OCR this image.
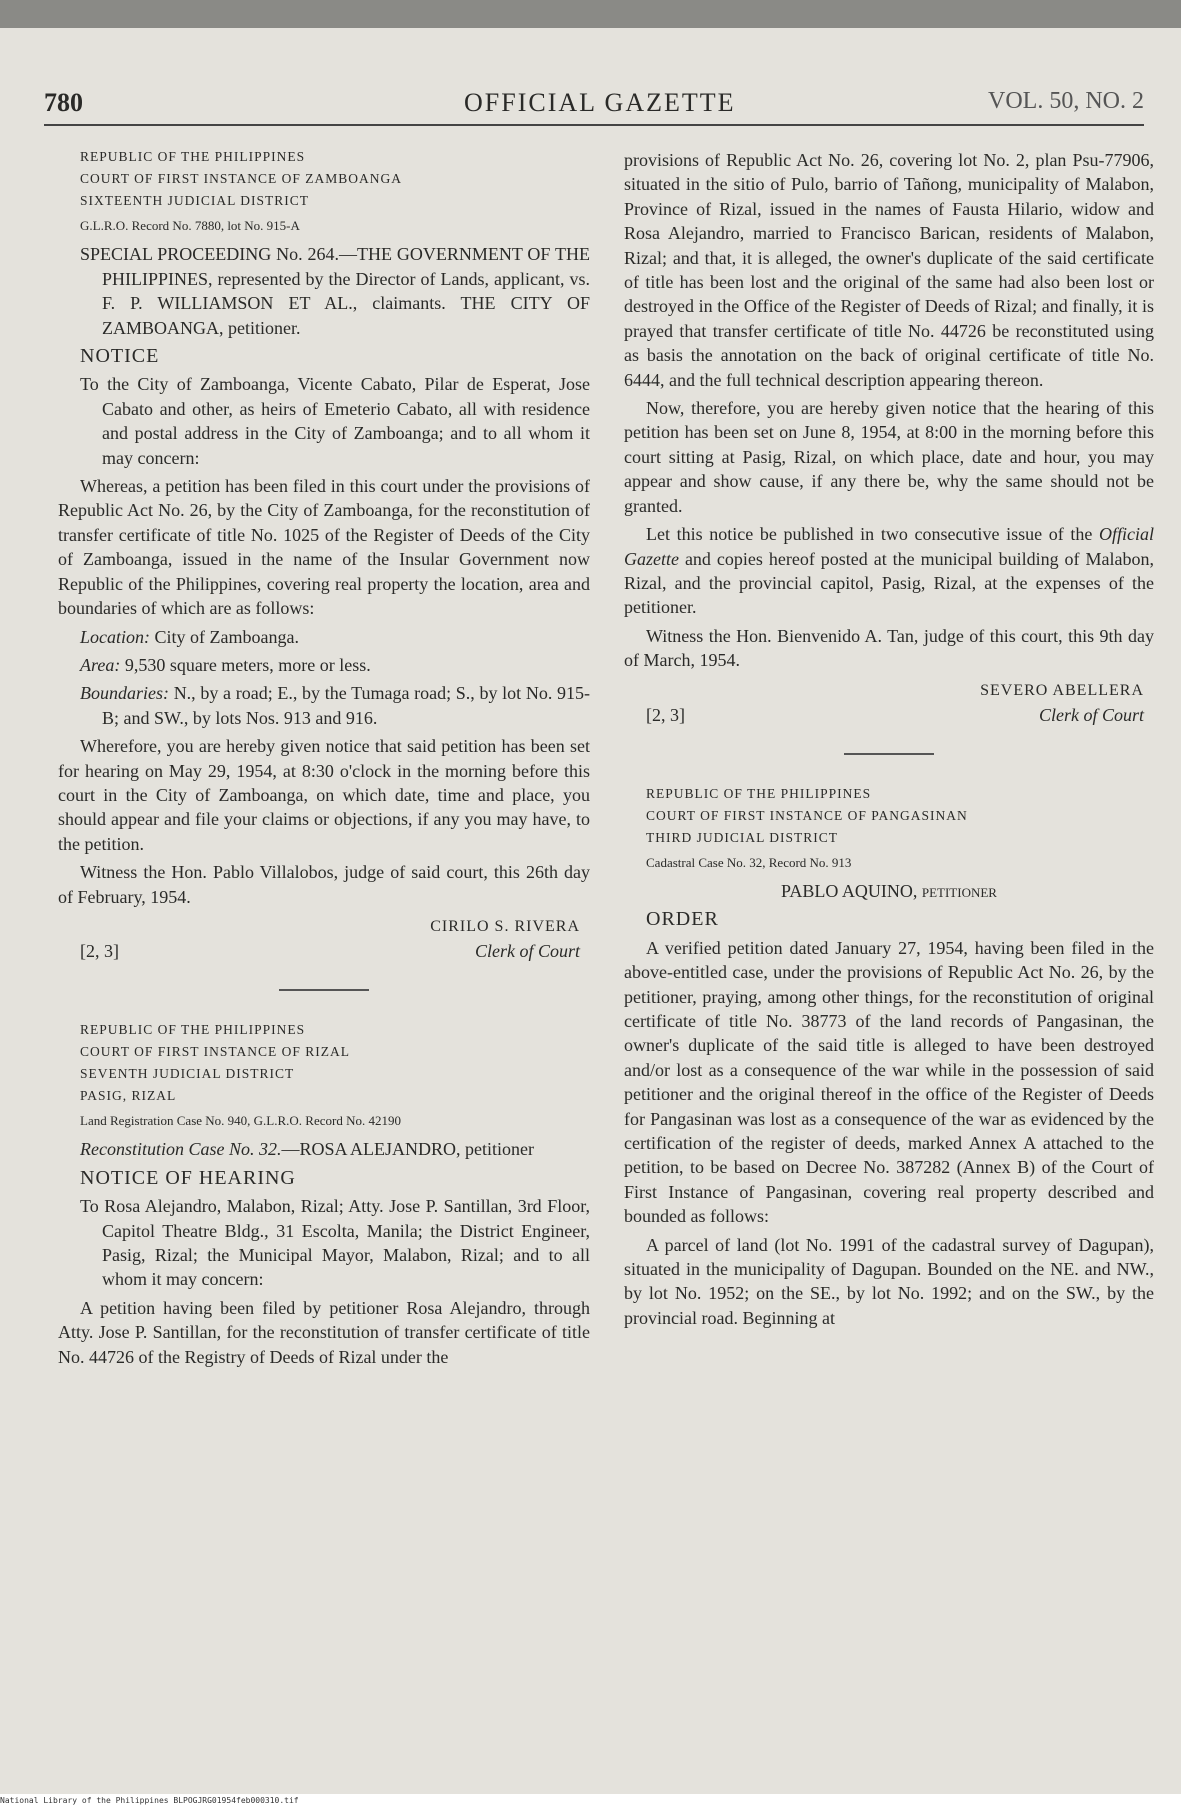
780	OFFICIAL GAZETTE	VOL. 50, NO. 2

REPUBLIC OF THE PHILIPPINES

COURT OF FIRST INSTANCE OF ZAMBOANGA

SIXTEENTH JUDICIAL DISTRICT

G.L.R.O. Record No. 7880, lot No. 915-A

SPECIAL PROCEEDING No. 264.—THE GOVERNMENT OF THE PHILIPPINES, represented by the Director of Lands, applicant, vs. F. P. WILLIAMSON ET AL., claimants. THE CITY OF ZAMBOANGA, petitioner.

NOTICE

To the City of Zamboanga, Vicente Cabato, Pilar de Esperat, Jose Cabato and other, as heirs of Emeterio Cabato, all with residence and postal address in the City of Zamboanga; and to all whom it may concern:

Whereas, a petition has been filed in this court under the provisions of Republic Act No. 26, by the City of Zamboanga, for the reconstitution of transfer certificate of title No. 1025 of the Register of Deeds of the City of Zamboanga, issued in the name of the Insular Government now Republic of the Philippines, covering real property the location, area and boundaries of which are as follows:

Location: City of Zamboanga.

Area: 9,530 square meters, more or less.

Boundaries: N., by a road; E., by the Tumaga road; S., by lot No. 915-B; and SW., by lots Nos. 913 and 916.

Wherefore, you are hereby given notice that said petition has been set for hearing on May 29, 1954, at 8:30 o'clock in the morning before this court in the City of Zamboanga, on which date, time and place, you should appear and file your claims or objections, if any you may have, to the petition.

Witness the Hon. Pablo Villalobos, judge of said court, this 26th day of February, 1954.

CIRILO S. RIVERA
Clerk of Court
[2, 3]

REPUBLIC OF THE PHILIPPINES

COURT OF FIRST INSTANCE OF RIZAL

SEVENTH JUDICIAL DISTRICT

PASIG, RIZAL

Land Registration Case No. 940, G.L.R.O. Record No. 42190

Reconstitution Case No. 32.—ROSA ALEJANDRO, petitioner

NOTICE OF HEARING

To Rosa Alejandro, Malabon, Rizal; Atty. Jose P. Santillan, 3rd Floor, Capitol Theatre Bldg., 31 Escolta, Manila; the District Engineer, Pasig, Rizal; the Municipal Mayor, Malabon, Rizal; and to all whom it may concern:

A petition having been filed by petitioner Rosa Alejandro, through Atty. Jose P. Santillan, for the reconstitution of transfer certificate of title No. 44726 of the Registry of Deeds of Rizal under the

provisions of Republic Act No. 26, covering lot No. 2, plan Psu-77906, situated in the sitio of Pulo, barrio of Tañong, municipality of Malabon, Province of Rizal, issued in the names of Fausta Hilario, widow and Rosa Alejandro, married to Francisco Barican, residents of Malabon, Rizal; and that, it is alleged, the owner's duplicate of the said certificate of title has been lost and the original of the same had also been lost or destroyed in the Office of the Register of Deeds of Rizal; and finally, it is prayed that transfer certificate of title No. 44726 be reconstituted using as basis the annotation on the back of original certificate of title No. 6444, and the full technical description appearing thereon.

Now, therefore, you are hereby given notice that the hearing of this petition has been set on June 8, 1954, at 8:00 in the morning before this court sitting at Pasig, Rizal, on which place, date and hour, you may appear and show cause, if any there be, why the same should not be granted.

Let this notice be published in two consecutive issue of the Official Gazette and copies hereof posted at the municipal building of Malabon, Rizal, and the provincial capitol, Pasig, Rizal, at the expenses of the petitioner.

Witness the Hon. Bienvenido A. Tan, judge of this court, this 9th day of March, 1954.

SEVERO ABELLERA
Clerk of Court
[2, 3]

REPUBLIC OF THE PHILIPPINES

COURT OF FIRST INSTANCE OF PANGASINAN

THIRD JUDICIAL DISTRICT

Cadastral Case No. 32, Record No. 913

PABLO AQUINO, petitioner

ORDER

A verified petition dated January 27, 1954, having been filed in the above-entitled case, under the provisions of Republic Act No. 26, by the petitioner, praying, among other things, for the reconstitution of original certificate of title No. 38773 of the land records of Pangasinan, the owner's duplicate of the said title is alleged to have been destroyed and/or lost as a consequence of the war while in the possession of said petitioner and the original thereof in the office of the Register of Deeds for Pangasinan was lost as a consequence of the war as evidenced by the certification of the register of deeds, marked Annex A attached to the petition, to be based on Decree No. 387282 (Annex B) of the Court of First Instance of Pangasinan, covering real property described and bounded as follows:

A parcel of land (lot No. 1991 of the cadastral survey of Dagupan), situated in the municipality of Dagupan. Bounded on the NE. and NW., by lot No. 1952; on the SE., by lot No. 1992; and on the SW., by the provincial road. Beginning at

National Library of the Philippines BLPOGJRG01954feb000310.tif
